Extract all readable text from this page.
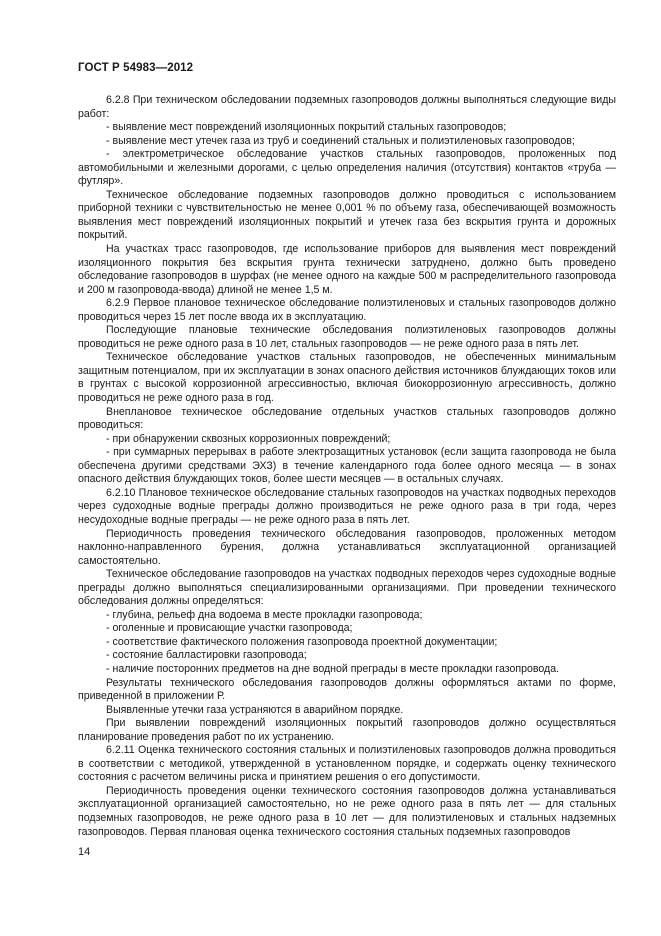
ГОСТ Р 54983—2012

6.2.8 При техническом обследовании подземных газопроводов должны выполняться следующие виды работ:

- выявление мест повреждений изоляционных покрытий стальных газопроводов;

- выявление мест утечек газа из труб и соединений стальных и полиэтиленовых газопроводов;

- электрометрическое обследование участков стальных газопроводов, проложенных под автомобильными и железными дорогами, с целью определения наличия (отсутствия) контактов «труба — футляр».

Техническое обследование подземных газопроводов должно проводиться с использованием приборной техники с чувствительностью не менее 0,001 % по объему газа, обеспечивающей возможность выявления мест повреждений изоляционных покрытий и утечек газа без вскрытия грунта и дорожных покрытий.

На участках трасс газопроводов, где использование приборов для выявления мест повреждений изоляционного покрытия без вскрытия грунта технически затруднено, должно быть проведено обследование газопроводов в шурфах (не менее одного на каждые 500 м распределительного газопровода и 200 м газопровода-ввода) длиной не менее 1,5 м.

6.2.9 Первое плановое техническое обследование полиэтиленовых и стальных газопроводов должно проводиться через 15 лет после ввода их в эксплуатацию.

Последующие плановые технические обследования полиэтиленовых газопроводов должны проводиться не реже одного раза в 10 лет, стальных газопроводов — не реже одного раза в пять лет.

Техническое обследование участков стальных газопроводов, не обеспеченных минимальным защитным потенциалом, при их эксплуатации в зонах опасного действия источников блуждающих токов или в грунтах с высокой коррозионной агрессивностью, включая биокоррозионную агрессивность, должно проводиться не реже одного раза в год.

Внеплановое техническое обследование отдельных участков стальных газопроводов должно проводиться:

- при обнаружении сквозных коррозионных повреждений;

- при суммарных перерывах в работе электрозащитных установок (если защита газопровода не была обеспечена другими средствами ЭХЗ) в течение календарного года более одного месяца — в зонах опасного действия блуждающих токов, более шести месяцев — в остальных случаях.

6.2.10 Плановое техническое обследование стальных газопроводов на участках подводных переходов через судоходные водные преграды должно производиться не реже одного раза в три года, через несудоходные водные преграды — не реже одного раза в пять лет.

Периодичность проведения технического обследования газопроводов, проложенных методом наклонно-направленного бурения, должна устанавливаться эксплуатационной организацией самостоятельно.

Техническое обследование газопроводов на участках подводных переходов через судоходные водные преграды должно выполняться специализированными организациями. При проведении технического обследования должны определяться:

- глубина, рельеф дна водоема в месте прокладки газопровода;

- оголенные и провисающие участки газопровода;

- соответствие фактического положения газопровода проектной документации;

- состояние балластировки газопровода;

- наличие посторонних предметов на дне водной преграды в месте прокладки газопровода.

Результаты технического обследования газопроводов должны оформляться актами по форме, приведенной в приложении Р.

Выявленные утечки газа устраняются в аварийном порядке.

При выявлении повреждений изоляционных покрытий газопроводов должно осуществляться планирование проведения работ по их устранению.

6.2.11 Оценка технического состояния стальных и полиэтиленовых газопроводов должна проводиться в соответствии с методикой, утвержденной в установленном порядке, и содержать оценку технического состояния с расчетом величины риска и принятием решения о его допустимости.

Периодичность проведения оценки технического состояния газопроводов должна устанавливаться эксплуатационной организацией самостоятельно, но не реже одного раза в пять лет — для стальных подземных газопроводов, не реже одного раза в 10 лет — для полиэтиленовых и стальных надземных газопроводов. Первая плановая оценка технического состояния стальных подземных газопроводов

14
